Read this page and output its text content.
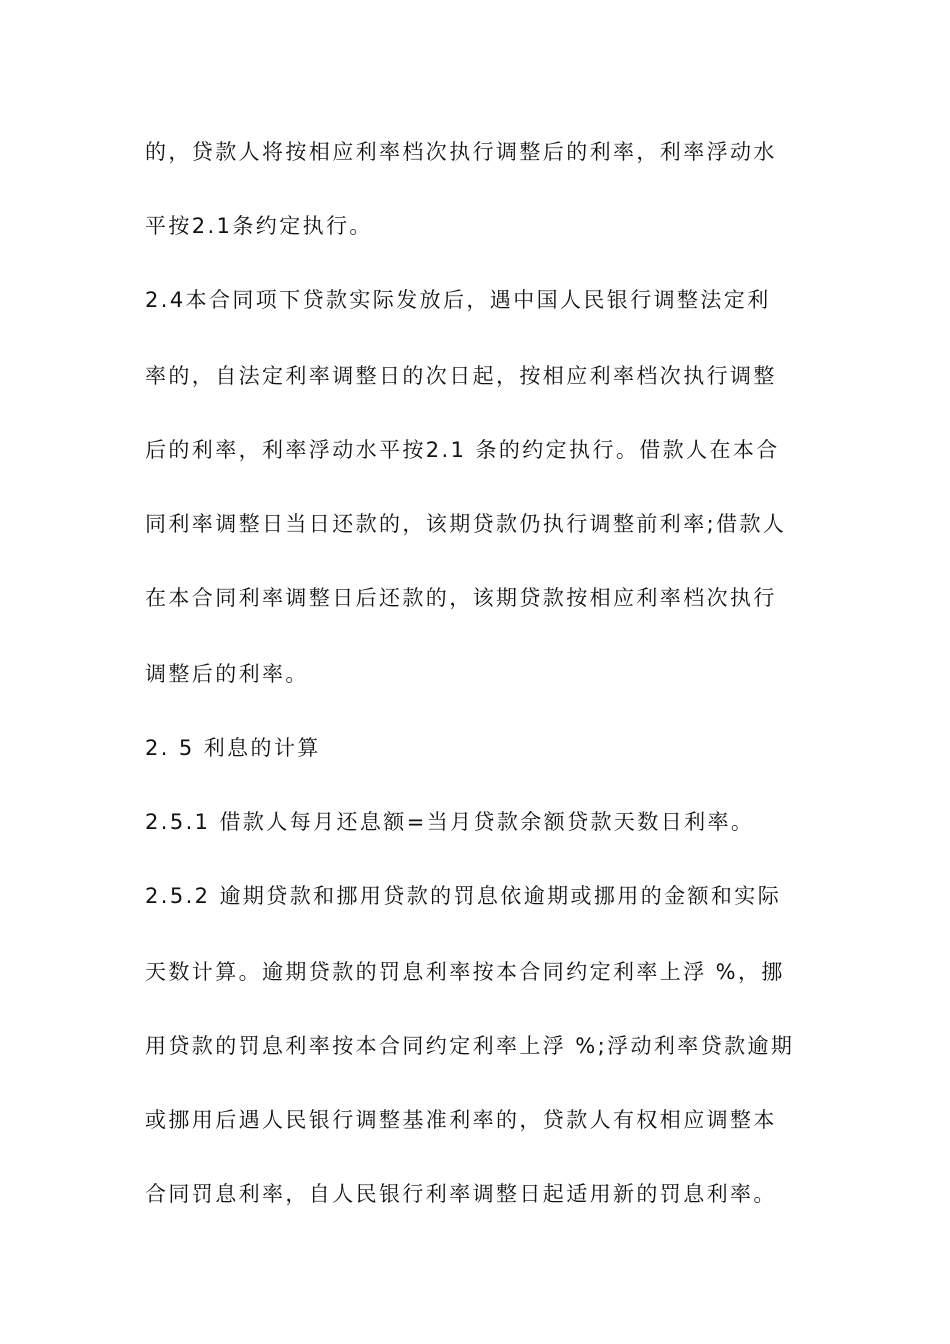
的，贷款人将按相应利率档次执行调整后的利率，利率浮动水
平按2.1条约定执行。
2.4本合同项下贷款实际发放后，遇中国人民银行调整法定利
率的，自法定利率调整日的次日起，按相应利率档次执行调整
后的利率，利率浮动水平按2.1 条的约定执行。借款人在本合
同利率调整日当日还款的，该期贷款仍执行调整前利率;借款人
在本合同利率调整日后还款的，该期贷款按相应利率档次执行
调整后的利率。
2. 5 利息的计算
2.5.1 借款人每月还息额=当月贷款余额贷款天数日利率。
2.5.2 逾期贷款和挪用贷款的罚息依逾期或挪用的金额和实际
天数计算。逾期贷款的罚息利率按本合同约定利率上浮 %，挪
用贷款的罚息利率按本合同约定利率上浮 %;浮动利率贷款逾期
或挪用后遇人民银行调整基准利率的，贷款人有权相应调整本
合同罚息利率，自人民银行利率调整日起适用新的罚息利率。
